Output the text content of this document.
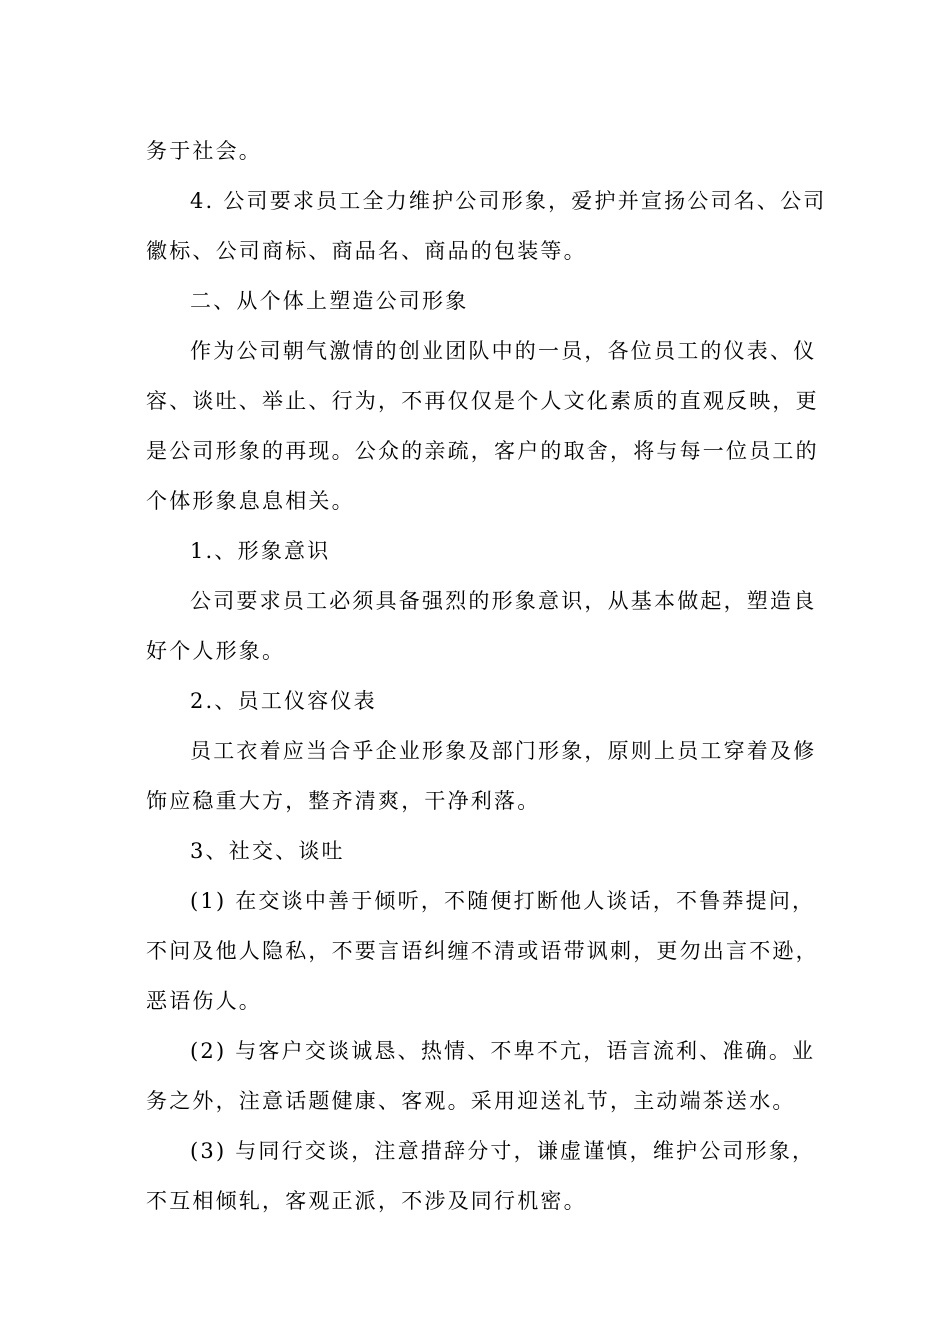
务于社会。
4. 公司要求员工全力维护公司形象，爱护并宣扬公司名、公司
徽标、公司商标、商品名、商品的包装等。
二、从个体上塑造公司形象
作为公司朝气激情的创业团队中的一员，各位员工的仪表、仪
容、谈吐、举止、行为，不再仅仅是个人文化素质的直观反映，更
是公司形象的再现。公众的亲疏，客户的取舍，将与每一位员工的
个体形象息息相关。
1.、形象意识
公司要求员工必须具备强烈的形象意识，从基本做起，塑造良
好个人形象。
2.、员工仪容仪表
员工衣着应当合乎企业形象及部门形象，原则上员工穿着及修
饰应稳重大方，整齐清爽，干净利落。
3、社交、谈吐
(1) 在交谈中善于倾听，不随便打断他人谈话，不鲁莽提问，
不问及他人隐私，不要言语纠缠不清或语带讽刺，更勿出言不逊，
恶语伤人。
(2) 与客户交谈诚恳、热情、不卑不亢，语言流利、准确。业
务之外，注意话题健康、客观。采用迎送礼节，主动端茶送水。
(3) 与同行交谈，注意措辞分寸，谦虚谨慎，维护公司形象，
不互相倾轧，客观正派，不涉及同行机密。
